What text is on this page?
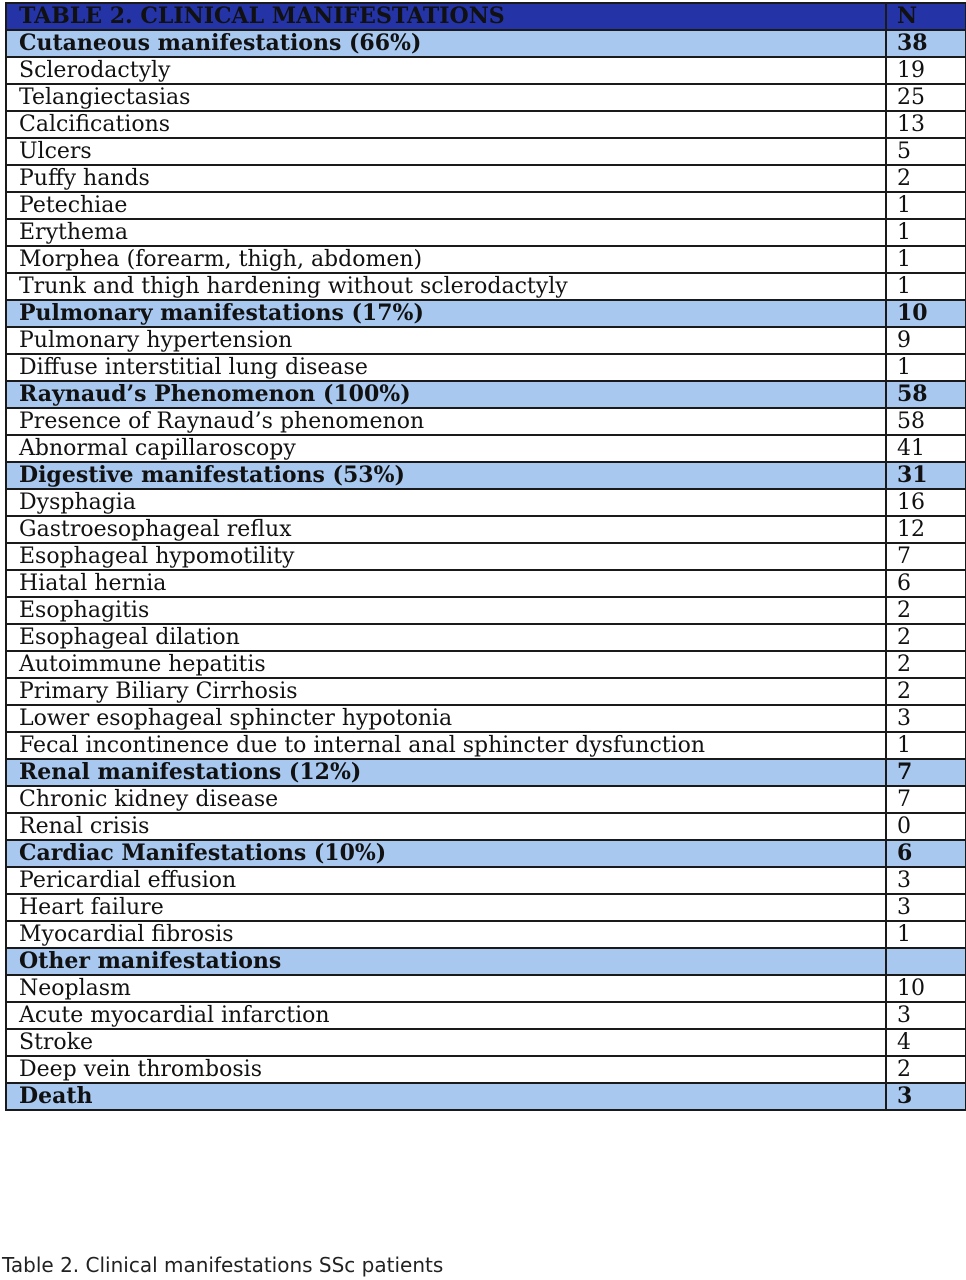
TABLE 2. CLINICAL MANIFESTATIONS	N
Cutaneous manifestations (66%)	38
Sclerodactyly	19
Telangiectasias	25
Calcifications	13
Ulcers	5
Puffy hands	2
Petechiae	1
Erythema	1
Morphea (forearm, thigh, abdomen)	1
Trunk and thigh hardening without sclerodactyly	1
Pulmonary manifestations (17%)	10
Pulmonary hypertension	9
Diffuse interstitial lung disease	1
Raynaud’s Phenomenon (100%)	58
Presence of Raynaud’s phenomenon	58
Abnormal capillaroscopy	41
Digestive manifestations (53%)	31
Dysphagia	16
Gastroesophageal reflux	12
Esophageal hypomotility	7
Hiatal hernia	6
Esophagitis	2
Esophageal dilation	2
Autoimmune hepatitis	2
Primary Biliary Cirrhosis	2
Lower esophageal sphincter hypotonia	3
Fecal incontinence due to internal anal sphincter dysfunction	1
Renal manifestations (12%)	7
Chronic kidney disease	7
Renal crisis	0
Cardiac Manifestations (10%)	6
Pericardial effusion	3
Heart failure	3
Myocardial fibrosis	1
Other manifestations	
Neoplasm	10
Acute myocardial infarction	3
Stroke	4
Deep vein thrombosis	2
Death	3
Table 2. Clinical manifestations SSc patients
